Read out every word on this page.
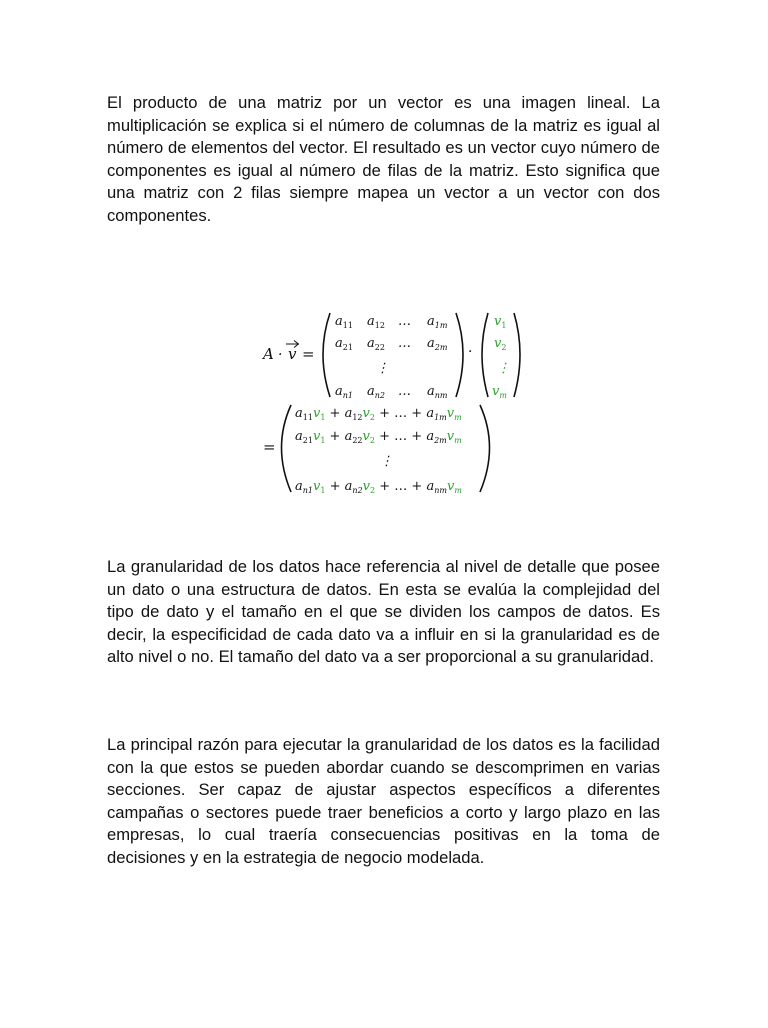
El producto de una matriz por un vector es una imagen lineal. La multiplicación se explica si el número de columnas de la matriz es igual al número de elementos del vector. El resultado es un vector cuyo número de componentes es igual al número de filas de la matriz. Esto significa que una matriz con 2 filas siempre mapea un vector a un vector con dos componentes.

A · v =
$a_{11}$ $a_{12}$ … $a_{1m}$
$a_{21}$ $a_{22}$ … $a_{2m}$
⋮
$a_{n1}$ $a_{n2}$ … $a_{nm}$
·
$v_1$
$v_2$
⋮
$v_m$
=
$a_{11}v_1 + a_{12}v_2$ + … + $a_{1m}v_m$
$a_{21}v_1 + a_{22}v_2$ + … + $a_{2m}v_m$
⋮
$a_{n1}v_1 + a_{n2}v_2$ + … + $a_{nm}v_m$

La granularidad de los datos hace referencia al nivel de detalle que posee un dato o una estructura de datos. En esta se evalúa la complejidad del tipo de dato y el tamaño en el que se dividen los campos de datos. Es decir, la especificidad de cada dato va a influir en si la granularidad es de alto nivel o no. El tamaño del dato va a ser proporcional a su granularidad.

La principal razón para ejecutar la granularidad de los datos es la facilidad con la que estos se pueden abordar cuando se descomprimen en varias secciones. Ser capaz de ajustar aspectos específicos a diferentes campañas o sectores puede traer beneficios a corto y largo plazo en las empresas, lo cual traería consecuencias positivas en la toma de decisiones y en la estrategia de negocio modelada.
